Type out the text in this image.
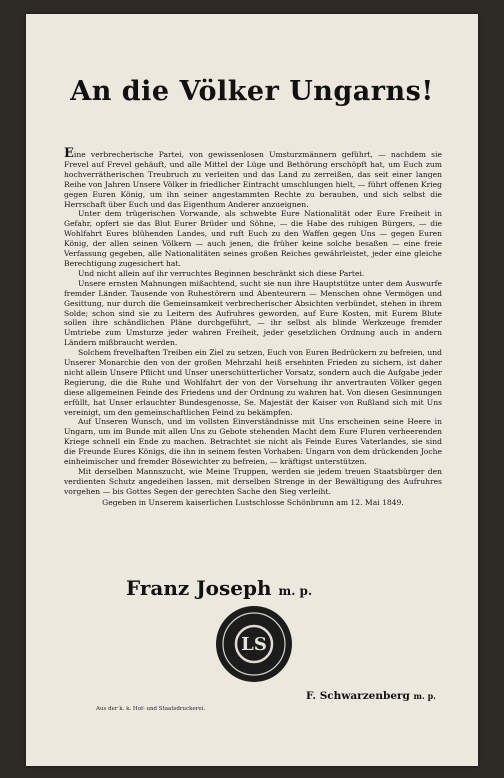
An die Völker Ungarns!

Eine verbrecherische Partei, von gewissenlosen Umsturzmännern geführt, — nachdem sie Frevel auf Frevel gehäuft, und alle Mittel der Lüge und Bethörung erschöpft hat, um Euch zum hochverrätherischen Treubruch zu verleiten und das Land zu zerreißen, das seit einer langen Reihe von Jahren Unsere Völker in friedlicher Eintracht umschlungen hielt, — führt offenen Krieg gegen Euren König, um ihn seiner angestammten Rechte zu berauben, und sich selbst die Herrschaft über Euch und das Eigenthum Anderer anzueignen.

Unter dem trügerischen Vorwande, als schwebte Eure Nationalität oder Eure Freiheit in Gefahr, opfert sie das Blut Eurer Brüder und Söhne, — die Habe des ruhigen Bürgers, — die Wohlfahrt Eures blühenden Landes, und ruft Euch zu den Waffen gegen Uns — gegen Euren König, der allen seinen Völkern — auch jenen, die früher keine solche besaßen — eine freie Verfassung gegeben, alle Nationalitäten seines großen Reiches gewährleistet, jeder eine gleiche Berechtigung zugesichert hat.

Und nicht allein auf ihr verruchtes Beginnen beschränkt sich diese Partei.

Unsere ernsten Mahnungen mißachtend, sucht sie nun ihre Hauptstütze unter dem Auswurfe fremder Länder. Tausende von Ruhestörern und Abenteurern — Menschen ohne Vermögen und Gesittung, nur durch die Gemeinsamkeit verbrecherischer Absichten verbündet, stehen in ihrem Solde; schon sind sie zu Leitern des Aufruhres geworden, auf Eure Kosten, mit Eurem Blute sollen ihre schändlichen Pläne durchgeführt, — ihr selbst als blinde Werkzeuge fremder Umtriebe zum Umsturze jeder wahren Freiheit, jeder gesetzlichen Ordnung auch in andern Ländern mißbraucht werden.

Solchem frevelhaften Treiben ein Ziel zu setzen, Euch von Euren Bedrückern zu befreien, und Unserer Monarchie den von der großen Mehrzahl heiß ersehnten Frieden zu sichern, ist daher nicht allein Unsere Pflicht und Unser unerschütterlicher Vorsatz, sondern auch die Aufgabe jeder Regierung, die die Ruhe und Wohlfahrt der von der Vorsehung ihr anvertrauten Völker gegen diese allgemeinen Feinde des Friedens und der Ordnung zu wahren hat. Von diesen Gesinnungen erfüllt, hat Unser erlauchter Bundesgenosse, Se. Majestät der Kaiser von Rußland sich mit Uns vereinigt, um den gemeinschaftlichen Feind zu bekämpfen.

Auf Unseren Wunsch, und im vollsten Einverständnisse mit Uns erscheinen seine Heere in Ungarn, um im Bunde mit allen Uns zu Gebote stehenden Macht dem Eure Fluren verheerenden Kriege schnell ein Ende zu machen. Betrachtet sie nicht als Feinde Eures Vaterlandes, sie sind die Freunde Eures Königs, die ihn in seinem festen Vorhaben: Ungarn von dem drückenden Joche einheimischer und fremder Bösewichter zu befreien, — kräftigst unterstützen.

Mit derselben Mannszucht, wie Meine Truppen, werden sie jedem treuen Staatsbürger den verdienten Schutz angedeihen lassen, mit derselben Strenge in der Bewältigung des Aufruhres vorgehen — bis Gottes Segen der gerechten Sache den Sieg verleiht.

Gegeben in Unserem kaiserlichen Lustschlosse Schönbrunn am 12. Mai 1849.

Franz Joseph m. p.
LS
Aus der k. k. Hof- und Staatsdruckerei.
F. Schwarzenberg m. p.
